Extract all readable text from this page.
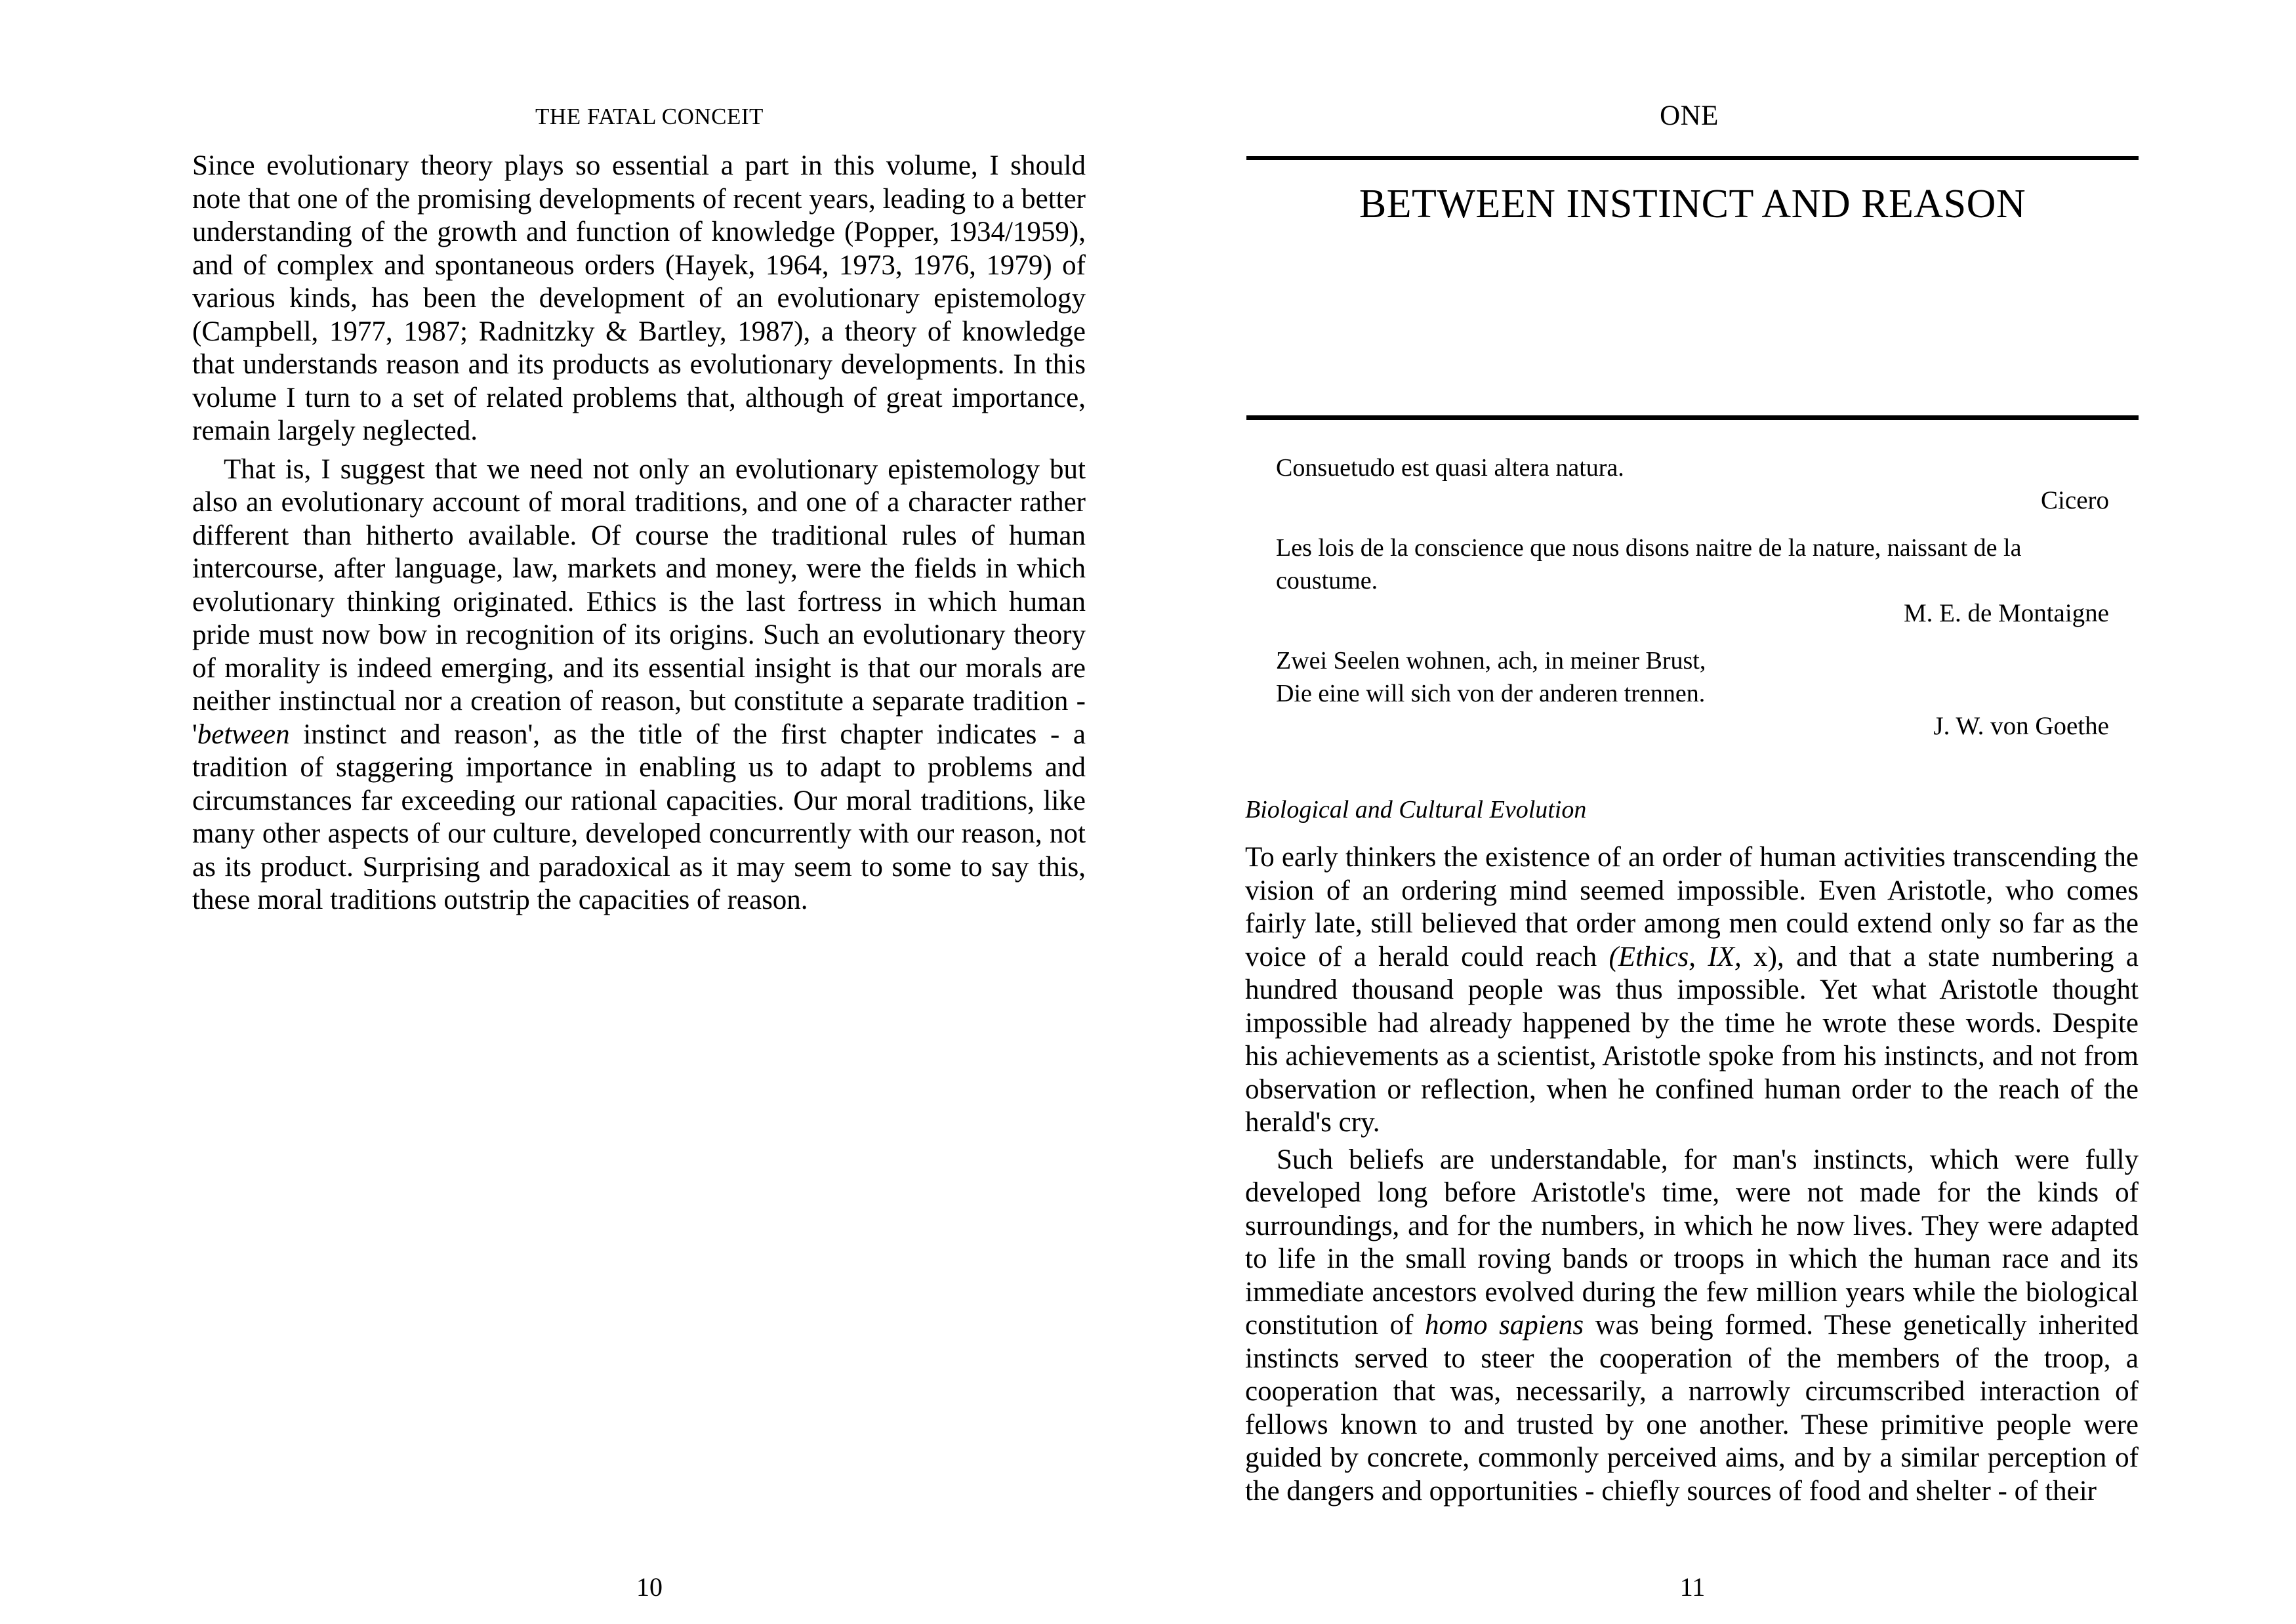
THE FATAL CONCEIT

Since evolutionary theory plays so essential a part in this volume, I should note that one of the promising developments of recent years, leading to a better understanding of the growth and function of knowledge (Popper, 1934/1959), and of complex and spontaneous orders (Hayek, 1964, 1973, 1976, 1979) of various kinds, has been the development of an evolutionary epistemology (Campbell, 1977, 1987; Radnitzky & Bartley, 1987), a theory of knowledge that understands reason and its products as evolutionary developments. In this volume I turn to a set of related problems that, although of great importance, remain largely neglected.

That is, I suggest that we need not only an evolutionary epistemology but also an evolutionary account of moral traditions, and one of a character rather different than hitherto available. Of course the traditional rules of human intercourse, after language, law, markets and money, were the fields in which evolutionary thinking originated. Ethics is the last fortress in which human pride must now bow in recognition of its origins. Such an evolutionary theory of morality is indeed emerging, and its essential insight is that our morals are neither instinctual nor a creation of reason, but constitute a separate tradition - 'between instinct and reason', as the title of the first chapter indicates - a tradition of staggering importance in enabling us to adapt to problems and circumstances far exceeding our rational capacities. Our moral traditions, like many other aspects of our culture, developed concurrently with our reason, not as its product. Surprising and paradoxical as it may seem to some to say this, these moral traditions outstrip the capacities of reason.

10
ONE
BETWEEN INSTINCT AND REASON

Consuetudo est quasi altera natura.

Cicero

Les lois de la conscience que nous disons naitre de la nature, naissant de la coustume.

M. E. de Montaigne

Zwei Seelen wohnen, ach, in meiner Brust,
Die eine will sich von der anderen trennen.

J. W. von Goethe
Biological and Cultural Evolution

To early thinkers the existence of an order of human activities transcending the vision of an ordering mind seemed impossible. Even Aristotle, who comes fairly late, still believed that order among men could extend only so far as the voice of a herald could reach (Ethics, IX, x), and that a state numbering a hundred thousand people was thus impossible. Yet what Aristotle thought impossible had already happened by the time he wrote these words. Despite his achievements as a scientist, Aristotle spoke from his instincts, and not from observation or reflection, when he confined human order to the reach of the herald's cry.

Such beliefs are understandable, for man's instincts, which were fully developed long before Aristotle's time, were not made for the kinds of surroundings, and for the numbers, in which he now lives. They were adapted to life in the small roving bands or troops in which the human race and its immediate ancestors evolved during the few million years while the biological constitution of homo sapiens was being formed. These genetically inherited instincts served to steer the cooperation of the members of the troop, a cooperation that was, necessarily, a narrowly circumscribed interaction of fellows known to and trusted by one another. These primitive people were guided by concrete, commonly perceived aims, and by a similar perception of the dangers and opportunities - chiefly sources of food and shelter - of their

11
